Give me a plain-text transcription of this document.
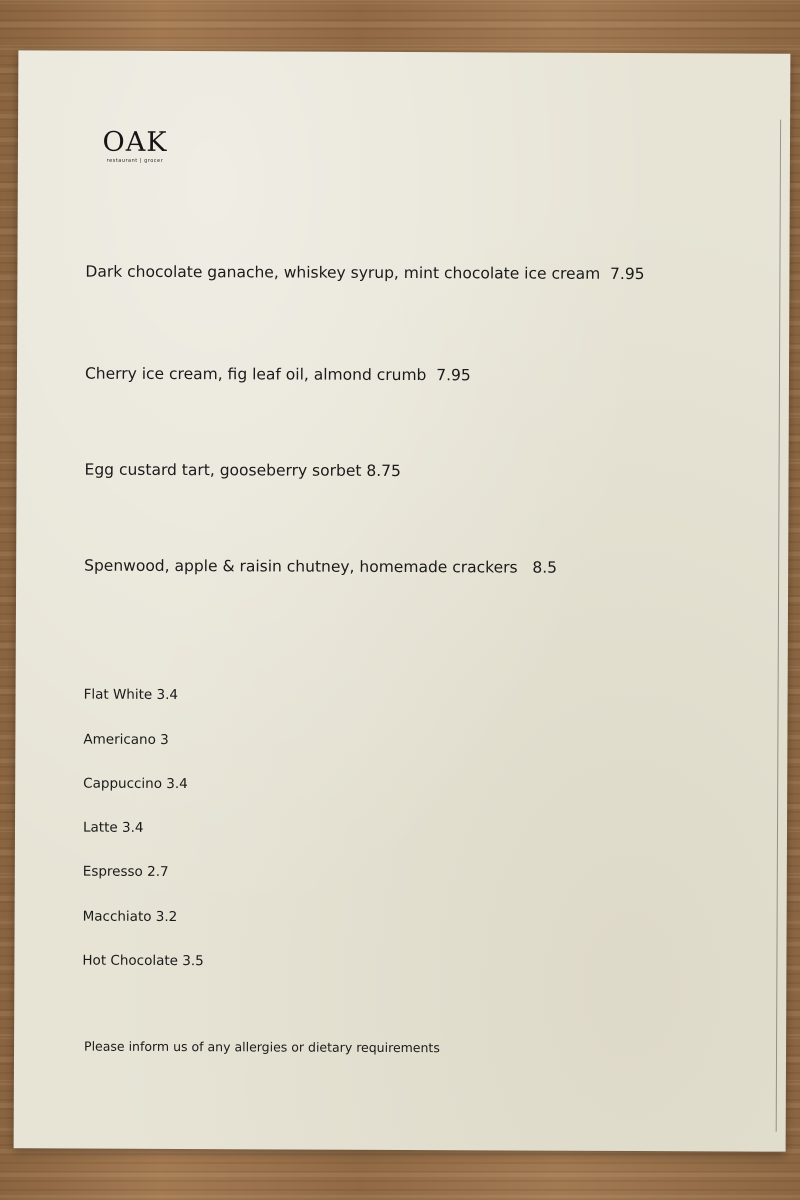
OAK
restaurant | grocer
Dark chocolate ganache, whiskey syrup, mint chocolate ice cream 7.95
Cherry ice cream, fig leaf oil, almond crumb 7.95
Egg custard tart, gooseberry sorbet 8.75
Spenwood, apple & raisin chutney, homemade crackers 8.5
Flat White 3.4
Americano 3
Cappuccino 3.4
Latte 3.4
Espresso 2.7
Macchiato 3.2
Hot Chocolate 3.5
Please inform us of any allergies or dietary requirements
